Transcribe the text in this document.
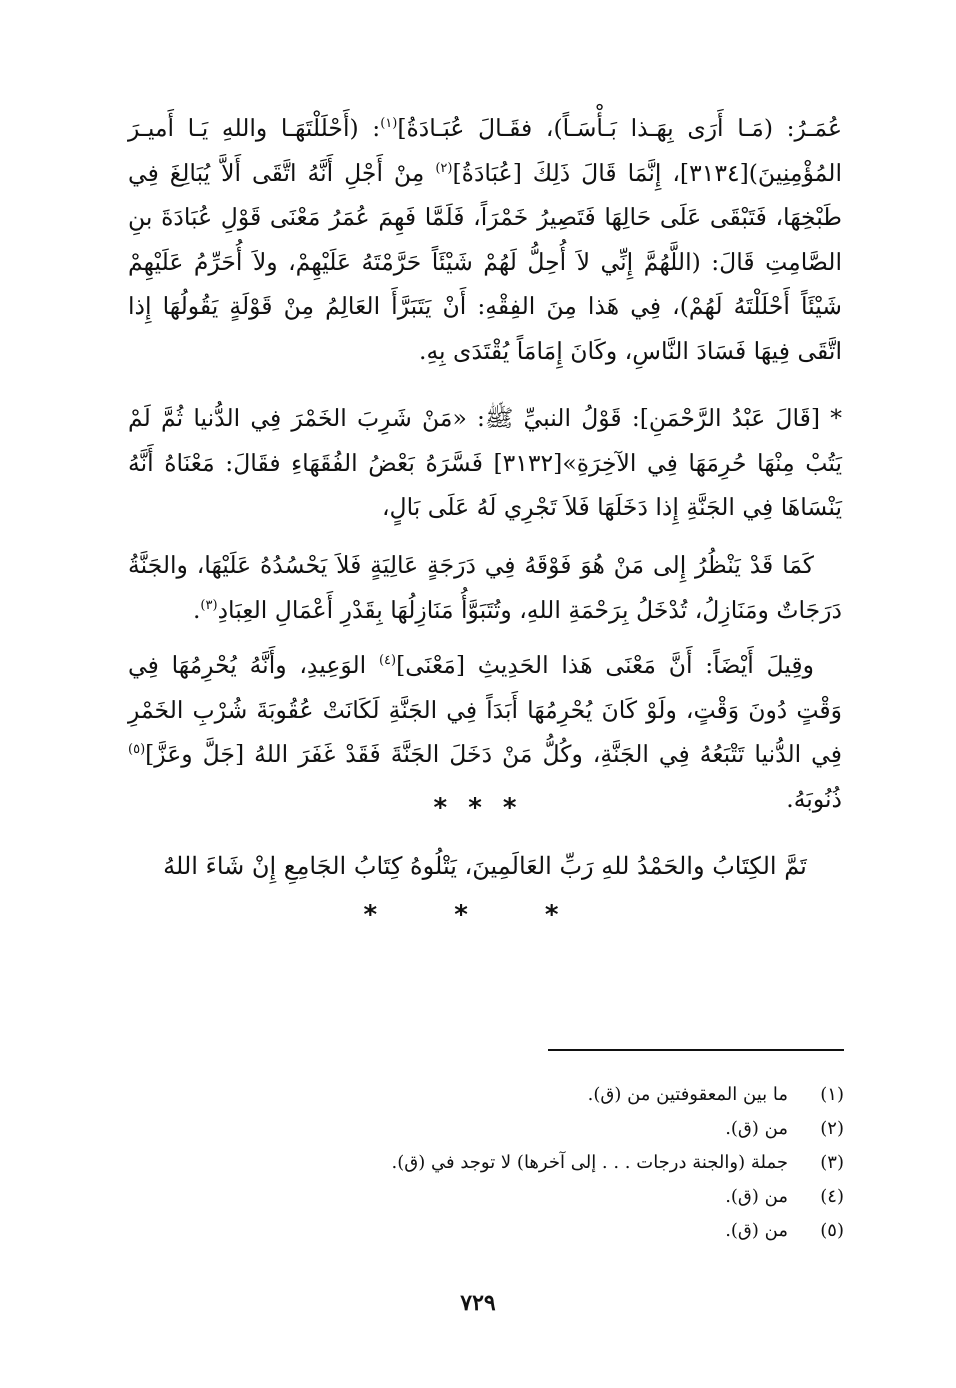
عُمَـرُ: (مَـا أَرَى بِهَـذا بَـأْسَـاً)، فقَـالَ عُبَـادَةُ]$^{(١)}$: (أَحْلَلْتَهَـا واللهِ يَـا أَميـرَ المُؤْمِنِينَ)[٣١٣٤]، إِنَّمَا قَالَ ذَلِكَ [عُبَادَةُ]$^{(٢)}$ مِنْ أَجْلِ أَنَّهُ اتَّقَى أَلاَّ يُبَالِغَ فِي طَبْخِهَا، فَتَبْقَى عَلَى حَالِهَا فَتَصِيرُ خَمْرَاً، فَلَمَّا فَهِمَ عُمَرُ مَعْنَى قَوْلِ عُبَادَةَ بنِ الصَّامِتِ قَالَ: (اللَّهُمَّ إِنِّي لاَ أُحِلُّ لَهُمْ شَيْئَاً حَرَّمْتَهُ عَلَيْهِمْ، ولاَ أُحَرِّمُ عَلَيْهِمْ شَيْئَاً أَحْلَلْتَهُ لَهُمْ)، فِي هَذا مِنَ الفِقْهِ: أَنْ يَتَبَرَّأَ العَالِمُ مِنْ قَوْلَةٍ يَقُولُهَا إِذا اتَّقَى فِيهَا فَسَادَ النَّاسِ، وكَانَ إِمَامَاً يُقْتَدَى بِهِ.
* [قَالَ عَبْدُ الرَّحْمَنِ]: قَوْلُ النبيِّ ﷺ: «مَنْ شَرِبَ الخَمْرَ فِي الدُّنيا ثُمَّ لَمْ يَتُبْ مِنْهَا حُرِمَهَا فِي الآخِرَةِ»[٣١٣٢] فَسَّرَهُ بَعْضُ الفُقَهَاءِ فقَالَ: مَعْنَاهُ أَنَّهُ يَنْسَاهَا فِي الجَنَّةِ إِذا دَخَلَهَا فَلاَ تَجْرِي لَهُ عَلَى بَالٍ،
كَمَا قَدْ يَنْظُرُ إِلى مَنْ هُوَ فَوْقَهُ فِي دَرَجَةٍ عَالِيَةٍ فَلاَ يَحْسُدُهُ عَلَيْهَا، والجَنَّةُ دَرَجَاتٌ ومَنَازِلُ، تُدْخَلُ بِرَحْمَةِ اللهِ، وتُتَبَوَّأُ مَنَازِلُهَا بِقَدْرِ أَعْمَالِ العِبَادِ$^{(٣)}$.
وقِيلَ أَيْضَاً: أَنَّ مَعْنَى هَذا الحَدِيثِ [مَعْنَى]$^{(٤)}$ الوَعِيدِ، وأَنَّهُ يُحْرِمُهَا فِي وَقْتٍ دُونَ وَقْتٍ، ولَوْ كَانَ يُحْرِمُهَا أَبَدَاً فِي الجَنَّةِ لَكَانَتْ عُقُوبَةَ شُرْبِ الخَمْرِ فِي الدُّنيا تَتْبَعُهُ فِي الجَنَّةِ، وكُلُّ مَنْ دَخَلَ الجَنَّةَ فَقَدْ غَفَرَ اللهُ [جَلَّ وعَزَّ]$^{(٥)}$ ذُنُوبَهُ.
* * *
تَمَّ الكِتَابُ والحَمْدُ للهِ رَبِّ العَالَمِينَ، يَتْلُوهُ كِتَابُ الجَامِعِ إِنْ شَاءَ اللهُ
* * *
(١)
ما بين المعقوفتين من (ق).
(٢)
من (ق).
(٣)
جملة (والجنة درجات . . . إلى آخرها) لا توجد في (ق).
(٤)
من (ق).
(٥)
من (ق).
٧٢٩
